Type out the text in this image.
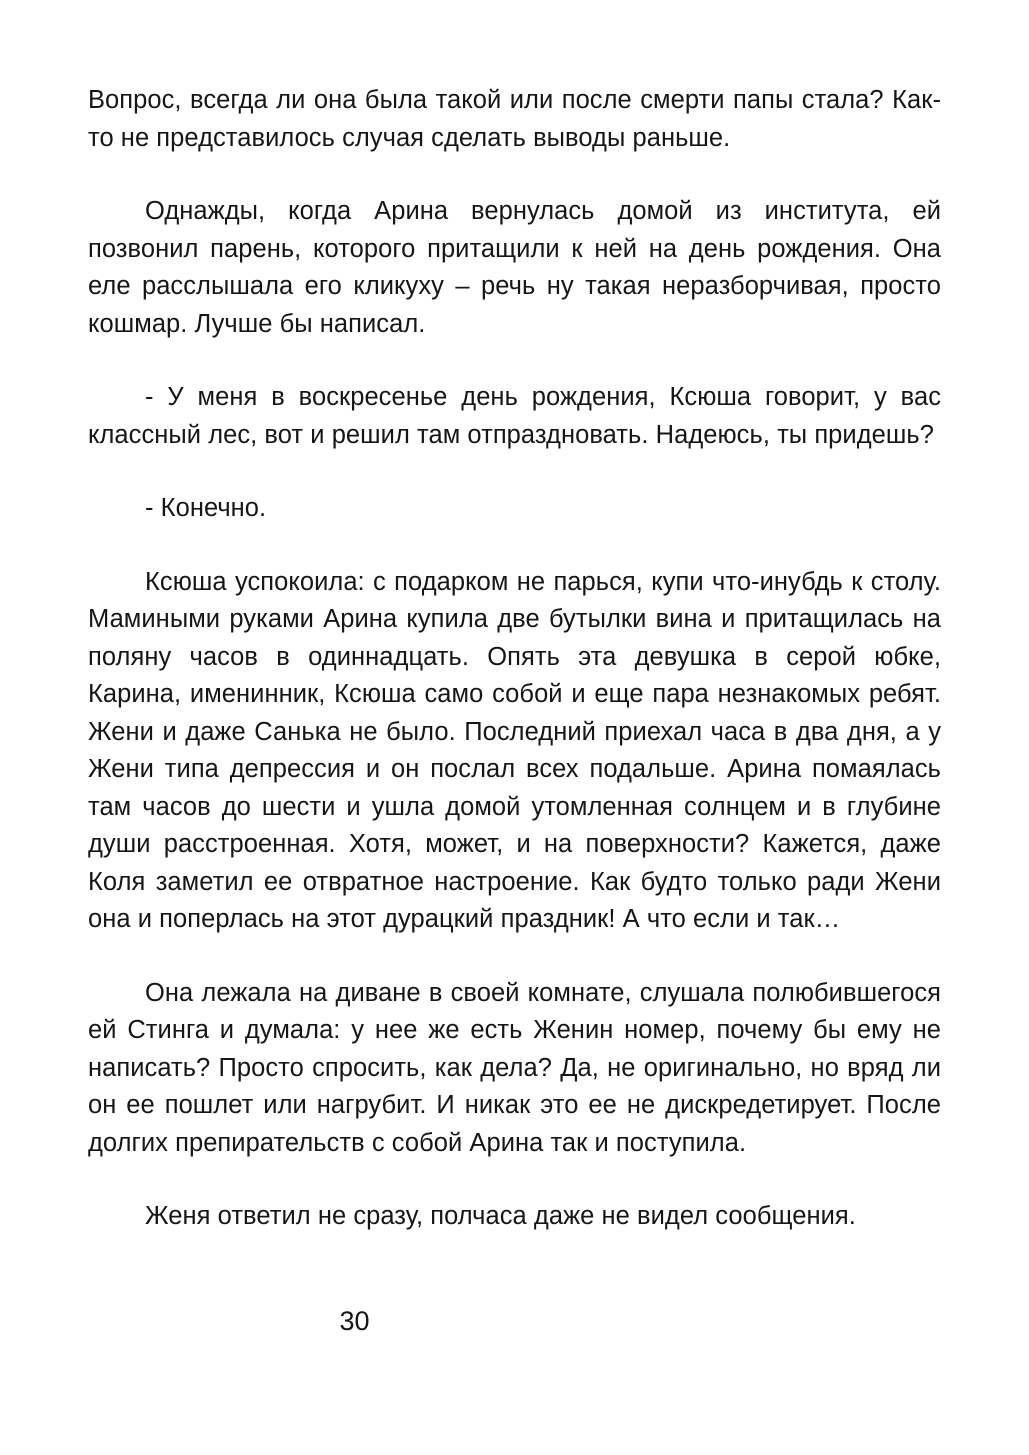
Вопрос, всегда ли она была такой или после смерти папы стала? Как-то не представилось случая сделать выводы раньше.

Однажды, когда Арина вернулась домой из института, ей позвонил парень, которого притащили к ней на день рождения. Она еле расслышала его кликуху – речь ну такая неразборчивая, просто кошмар. Лучше бы написал.

- У меня в воскресенье день рождения, Ксюша говорит, у вас классный лес, вот и решил там отпраздновать. Надеюсь, ты придешь?

- Конечно.

Ксюша успокоила: с подарком не парься, купи что-инубдь к столу. Мамиными руками Арина купила две бутылки вина и притащилась на поляну часов в одиннадцать. Опять эта девушка в серой юбке, Карина, именинник, Ксюша само собой и еще пара незнакомых ребят. Жени и даже Санька не было. Последний приехал часа в два дня, а у Жени типа депрессия и он послал всех подальше. Арина помаялась там часов до шести и ушла домой утомленная солнцем и в глубине души расстроенная. Хотя, может, и на поверхности? Кажется, даже Коля заметил ее отвратное настроение. Как будто только ради Жени она и поперлась на этот дурацкий праздник! А что если и так…

Она лежала на диване в своей комнате, слушала полюбившегося ей Стинга и думала: у нее же есть Женин номер, почему бы ему не написать? Просто спросить, как дела? Да, не оригинально, но вряд ли он ее пошлет или нагрубит. И никак это ее не дискредетирует. После долгих препирательств с собой Арина так и поступила.

Женя ответил не сразу, полчаса даже не видел сообщения.

30
